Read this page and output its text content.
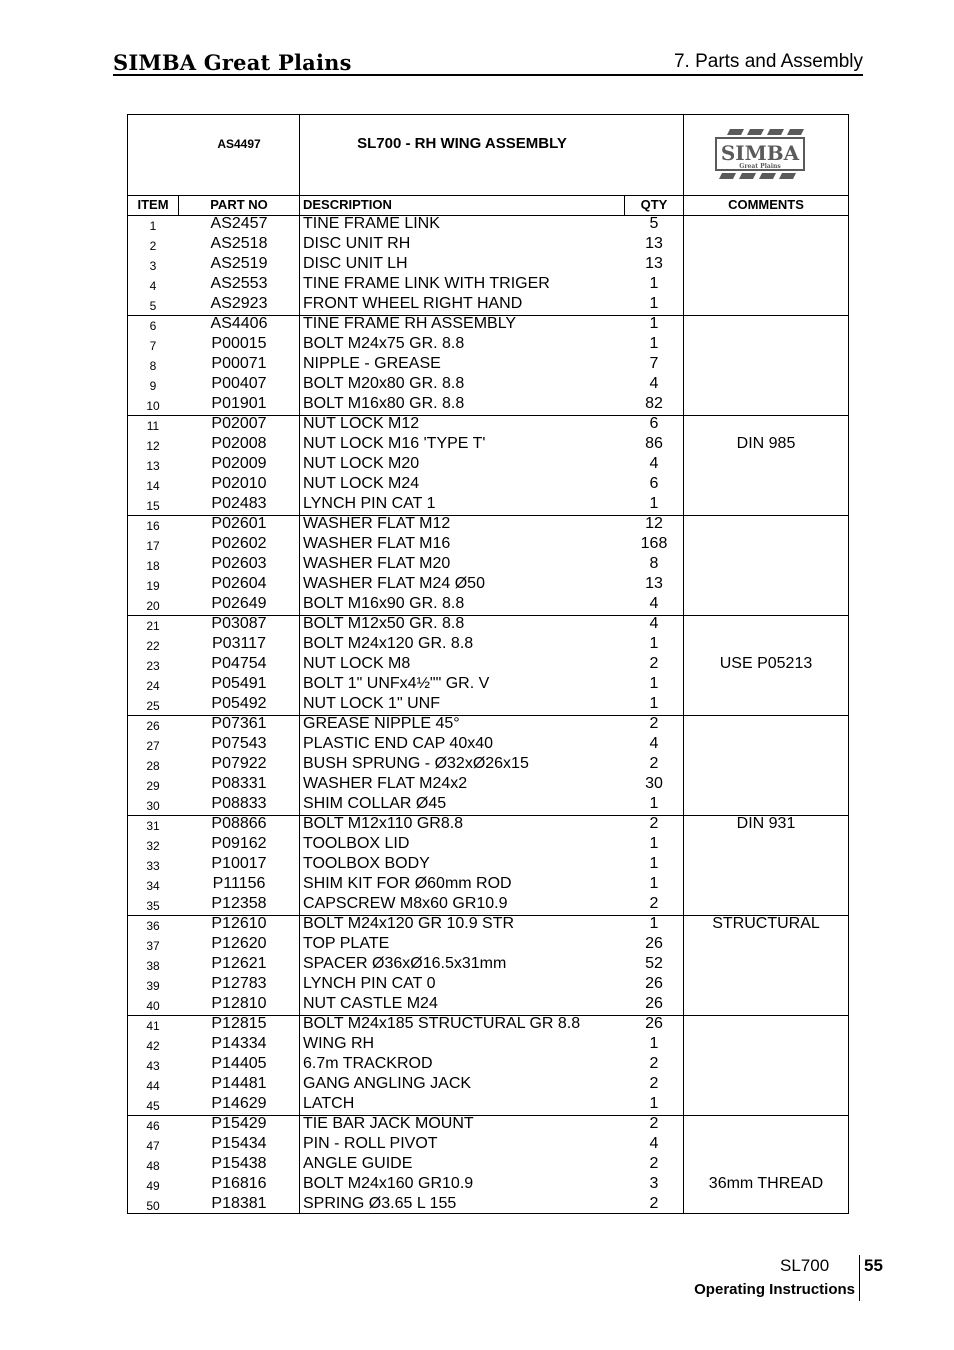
SIMBA Great Plains	7. Parts and Assembly
AS4497	SL700 - RH WING ASSEMBLY	SIMBA
Great Plains
ITEM	PART NO	DESCRIPTION	QTY	COMMENTS
1	AS2457	TINE FRAME LINK	5
2	AS2518	DISC UNIT RH	13
3	AS2519	DISC UNIT LH	13
4	AS2553	TINE FRAME LINK WITH TRIGER	1
5	AS2923	FRONT WHEEL RIGHT HAND	1
6	AS4406	TINE FRAME RH ASSEMBLY	1
7	P00015	BOLT M24x75 GR. 8.8	1
8	P00071	NIPPLE - GREASE	7
9	P00407	BOLT M20x80 GR. 8.8	4
10	P01901	BOLT M16x80 GR. 8.8	82
11	P02007	NUT LOCK M12	6
12	P02008	NUT LOCK M16 'TYPE T'	86	DIN 985
13	P02009	NUT LOCK M20	4
14	P02010	NUT LOCK M24	6
15	P02483	LYNCH PIN CAT 1	1
16	P02601	WASHER FLAT M12	12
17	P02602	WASHER FLAT M16	168
18	P02603	WASHER FLAT M20	8
19	P02604	WASHER FLAT M24 Ø50	13
20	P02649	BOLT M16x90 GR. 8.8	4
21	P03087	BOLT M12x50 GR. 8.8	4
22	P03117	BOLT M24x120 GR. 8.8	1
23	P04754	NUT LOCK M8	2	USE P05213
24	P05491	BOLT 1" UNFx4½"" GR. V	1
25	P05492	NUT LOCK 1" UNF	1
26	P07361	GREASE NIPPLE 45°	2
27	P07543	PLASTIC END CAP 40x40	4
28	P07922	BUSH SPRUNG - Ø32xØ26x15	2
29	P08331	WASHER FLAT M24x2	30
30	P08833	SHIM COLLAR Ø45	1
31	P08866	BOLT M12x110 GR8.8	2	DIN 931
32	P09162	TOOLBOX LID	1
33	P10017	TOOLBOX BODY	1
34	P11156	SHIM KIT FOR Ø60mm ROD	1
35	P12358	CAPSCREW M8x60 GR10.9	2
36	P12610	BOLT M24x120 GR 10.9 STR	1	STRUCTURAL
37	P12620	TOP PLATE	26
38	P12621	SPACER Ø36xØ16.5x31mm	52
39	P12783	LYNCH PIN CAT 0	26
40	P12810	NUT CASTLE M24	26
41	P12815	BOLT M24x185 STRUCTURAL GR 8.8	26
42	P14334	WING RH	1
43	P14405	6.7m TRACKROD	2
44	P14481	GANG ANGLING JACK	2
45	P14629	LATCH	1
46	P15429	TIE BAR JACK MOUNT	2
47	P15434	PIN - ROLL PIVOT	4
48	P15438	ANGLE GUIDE	2
49	P16816	BOLT M24x160 GR10.9	3	36mm THREAD
50	P18381	SPRING Ø3.65 L 155	2
SL700 55
Operating Instructions
